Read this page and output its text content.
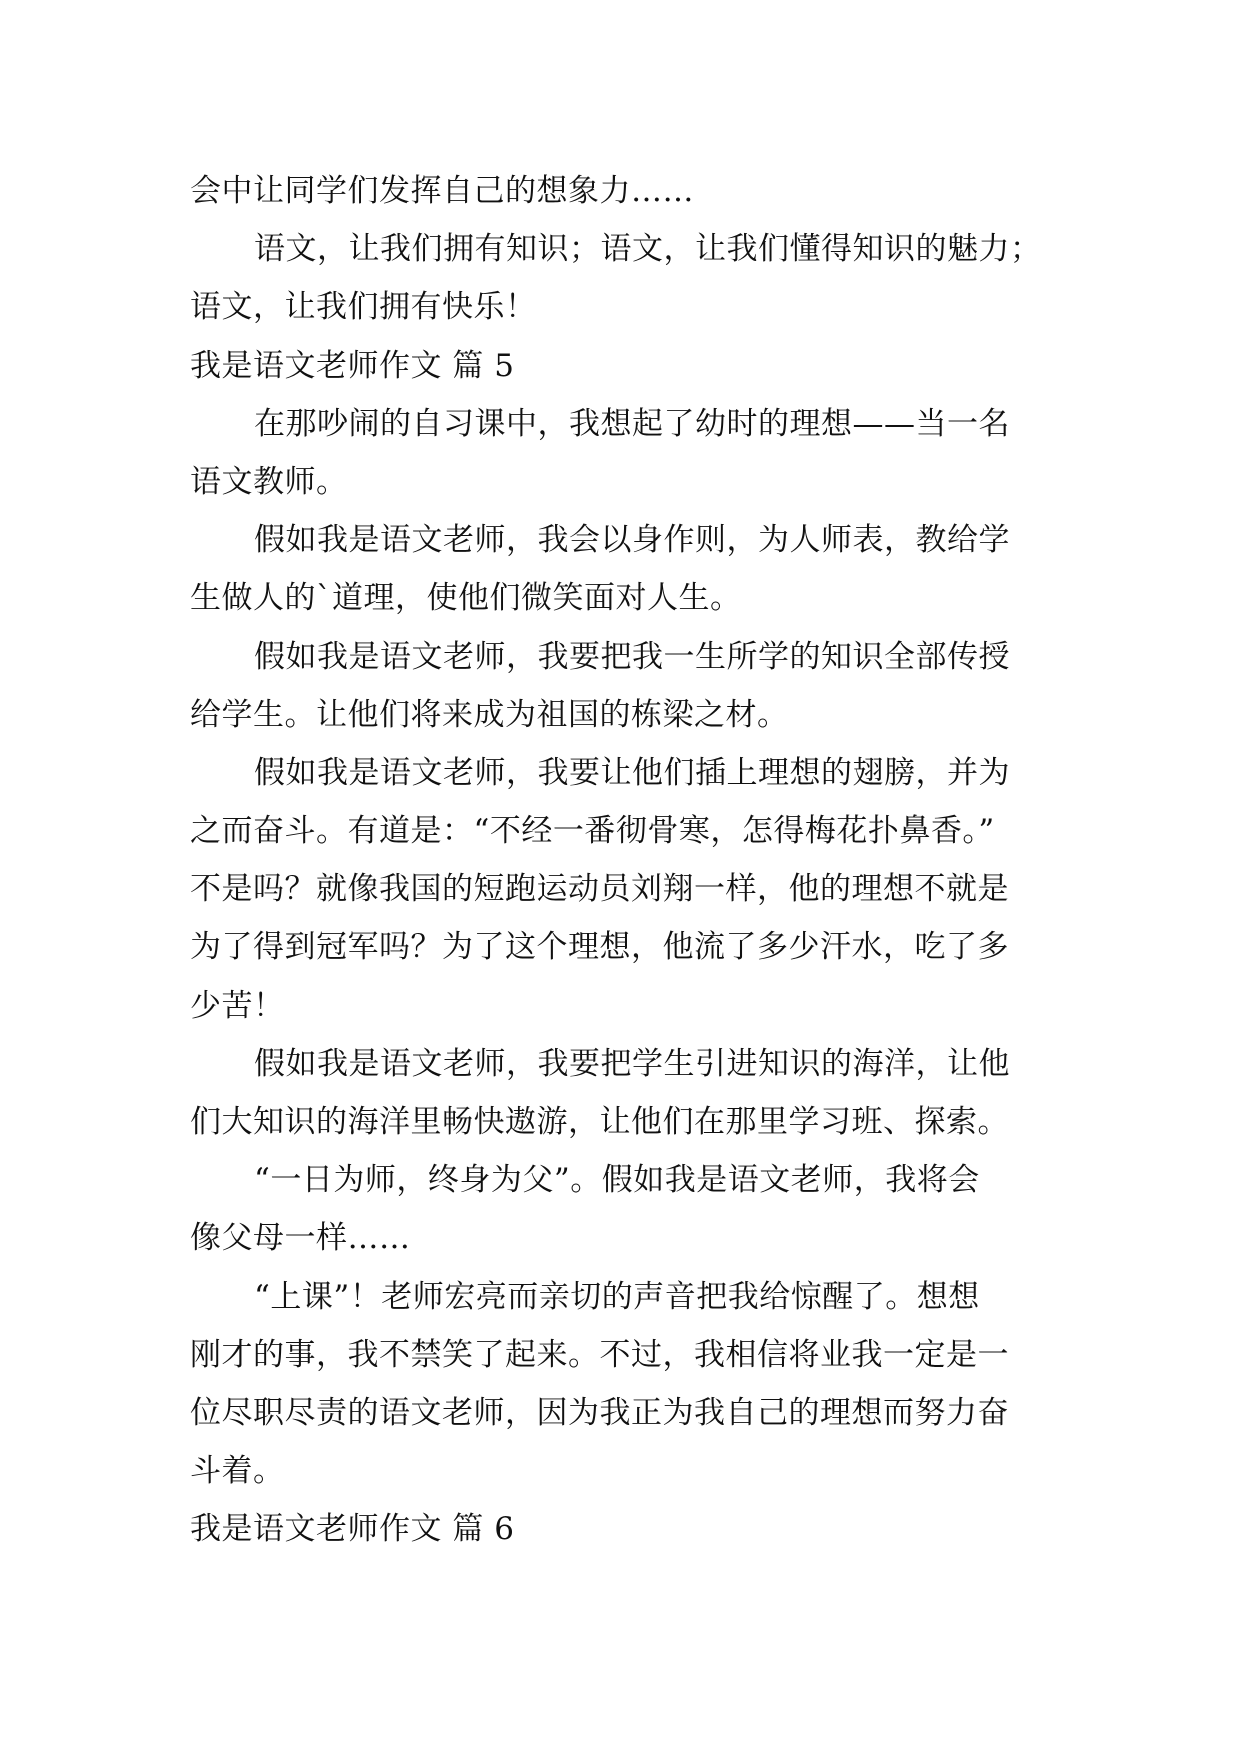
会中让同学们发挥自己的想象力……
语文，让我们拥有知识；语文，让我们懂得知识的魅力；
语文，让我们拥有快乐！
我是语文老师作文 篇 5
在那吵闹的自习课中，我想起了幼时的理想——当一名
语文教师。
假如我是语文老师，我会以身作则，为人师表，教给学
生做人的`道理，使他们微笑面对人生。
假如我是语文老师，我要把我一生所学的知识全部传授
给学生。让他们将来成为祖国的栋梁之材。
假如我是语文老师，我要让他们插上理想的翅膀，并为
之而奋斗。有道是：“不经一番彻骨寒，怎得梅花扑鼻香。”
不是吗？就像我国的短跑运动员刘翔一样，他的理想不就是
为了得到冠军吗？为了这个理想，他流了多少汗水，吃了多
少苦！
假如我是语文老师，我要把学生引进知识的海洋，让他
们大知识的海洋里畅快遨游，让他们在那里学习班、探索。
“一日为师，终身为父”。假如我是语文老师，我将会
像父母一样……
“上课”！老师宏亮而亲切的声音把我给惊醒了。想想
刚才的事，我不禁笑了起来。不过，我相信将业我一定是一
位尽职尽责的语文老师，因为我正为我自己的理想而努力奋
斗着。
我是语文老师作文 篇 6
